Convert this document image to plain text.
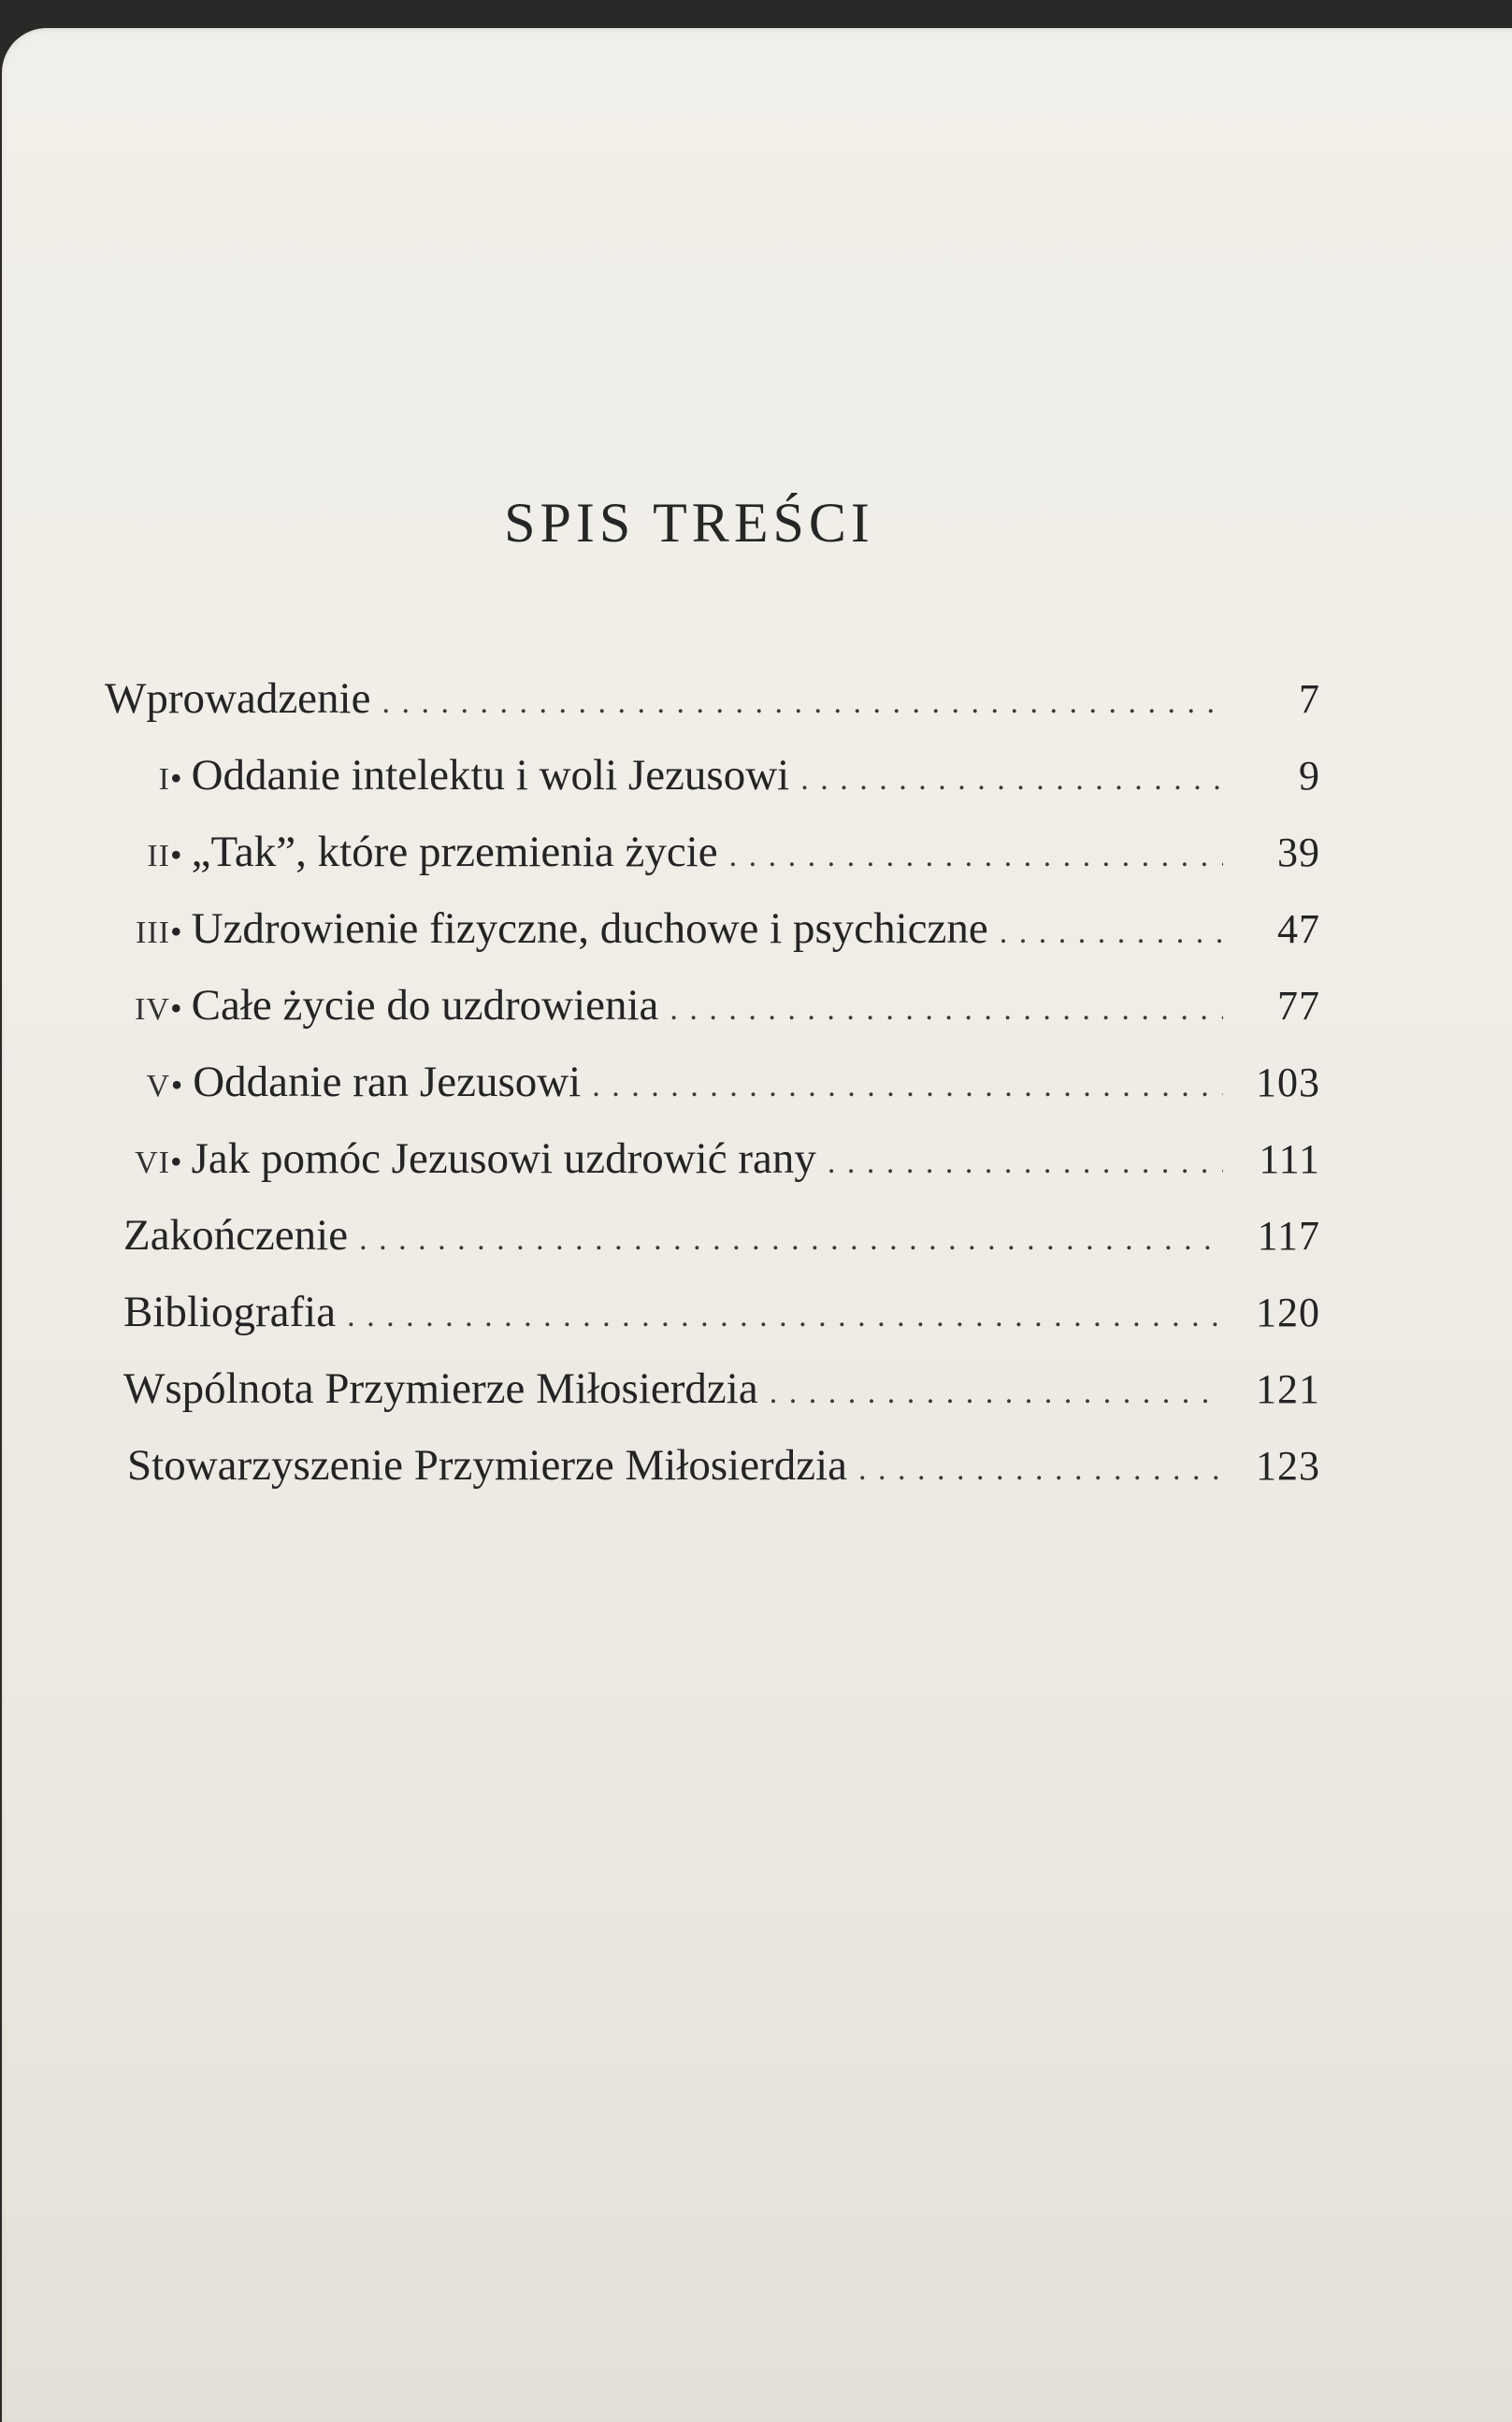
SPIS TREŚCI
Wprowadzenie . . .	7
I • Oddanie intelektu i woli Jezusowi . . .	9
II • „Tak”, które przemienia życie . . .	39
III • Uzdrowienie fizyczne, duchowe i psychiczne . . .	47
IV • Całe życie do uzdrowienia . . .	77
V • Oddanie ran Jezusowi . . .	103
VI • Jak pomóc Jezusowi uzdrowić rany . . .	111
Zakończenie . . .	117
Bibliografia . . .	120
Wspólnota Przymierze Miłosierdzia . . .	121
Stowarzyszenie Przymierze Miłosierdzia . . .	123
